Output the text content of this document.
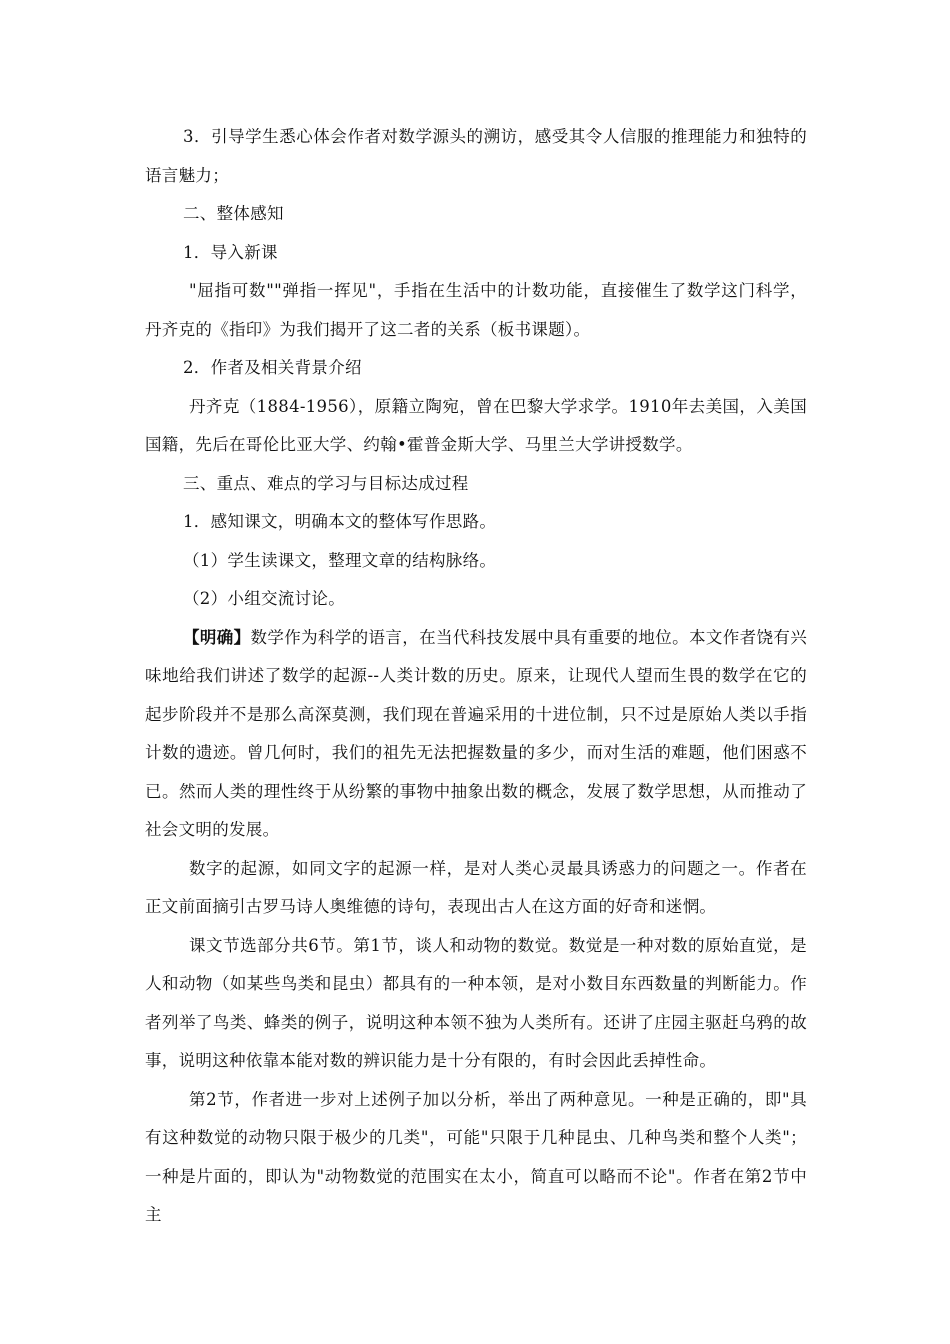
3．引导学生悉心体会作者对数学源头的溯访，感受其令人信服的推理能力和独特的语言魅力；

二、整体感知

1．导入新课

"屈指可数""弹指一挥见"，手指在生活中的计数功能，直接催生了数学这门科学，丹齐克的《指印》为我们揭开了这二者的关系（板书课题）。

2．作者及相关背景介绍

丹齐克（1884-1956），原籍立陶宛，曾在巴黎大学求学。1910年去美国，入美国国籍，先后在哥伦比亚大学、约翰•霍普金斯大学、马里兰大学讲授数学。

三、重点、难点的学习与目标达成过程

1．感知课文，明确本文的整体写作思路。

（1）学生读课文，整理文章的结构脉络。

（2）小组交流讨论。

【明确】数学作为科学的语言，在当代科技发展中具有重要的地位。本文作者饶有兴味地给我们讲述了数学的起源--人类计数的历史。原来，让现代人望而生畏的数学在它的起步阶段并不是那么高深莫测，我们现在普遍采用的十进位制，只不过是原始人类以手指计数的遗迹。曾几何时，我们的祖先无法把握数量的多少，而对生活的难题，他们困惑不已。然而人类的理性终于从纷繁的事物中抽象出数的概念，发展了数学思想，从而推动了社会文明的发展。

数字的起源，如同文字的起源一样，是对人类心灵最具诱惑力的问题之一。作者在正文前面摘引古罗马诗人奥维德的诗句，表现出古人在这方面的好奇和迷惘。

课文节选部分共6节。第1节，谈人和动物的数觉。数觉是一种对数的原始直觉，是人和动物（如某些鸟类和昆虫）都具有的一种本领，是对小数目东西数量的判断能力。作者列举了鸟类、蜂类的例子，说明这种本领不独为人类所有。还讲了庄园主驱赶乌鸦的故事，说明这种依靠本能对数的辨识能力是十分有限的，有时会因此丢掉性命。

第2节，作者进一步对上述例子加以分析，举出了两种意见。一种是正确的，即"具有这种数觉的动物只限于极少的几类"，可能"只限于几种昆虫、几种鸟类和整个人类"；一种是片面的，即认为"动物数觉的范围实在太小，简直可以略而不论"。作者在第2节中主
